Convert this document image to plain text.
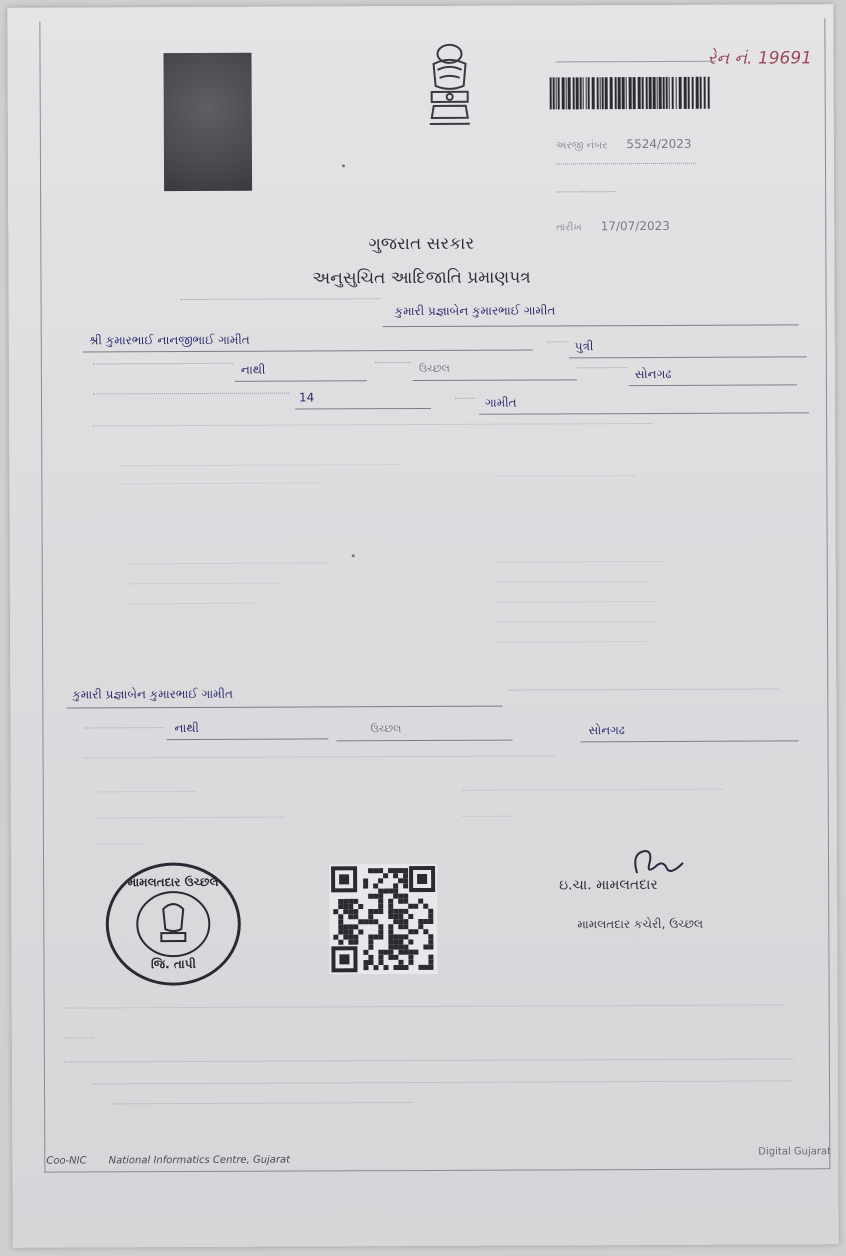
રેન નં. 19691
અરજી નંબર 5524/2023
તારીખ 17/07/2023
ગુજરાત સરકાર
અનુસુચિત આદિજાતિ પ્રમાણપત્ર
કુમારી પ્રજ્ઞાબેન કુમારભાઈ ગામીત
શ્રી કુમારભાઈ નાનજીભાઈ ગામીત	પુત્રી
નાથી	ઉચ્છલ	સોનગઢ
14	ગામીત
કુમારી પ્રજ્ઞાબેન કુમારભાઈ ગામીત
નાથી	ઉચ્છલ	સોનગઢ
મામલતદાર ઉચ્છલ
જિ. તાપી
ઇ.ચા. મામલતદાર
મામલતદાર કચેરી, ઉચ્છલ
Coo-NIC National Informatics Centre, Gujarat
Digital Gujarat
